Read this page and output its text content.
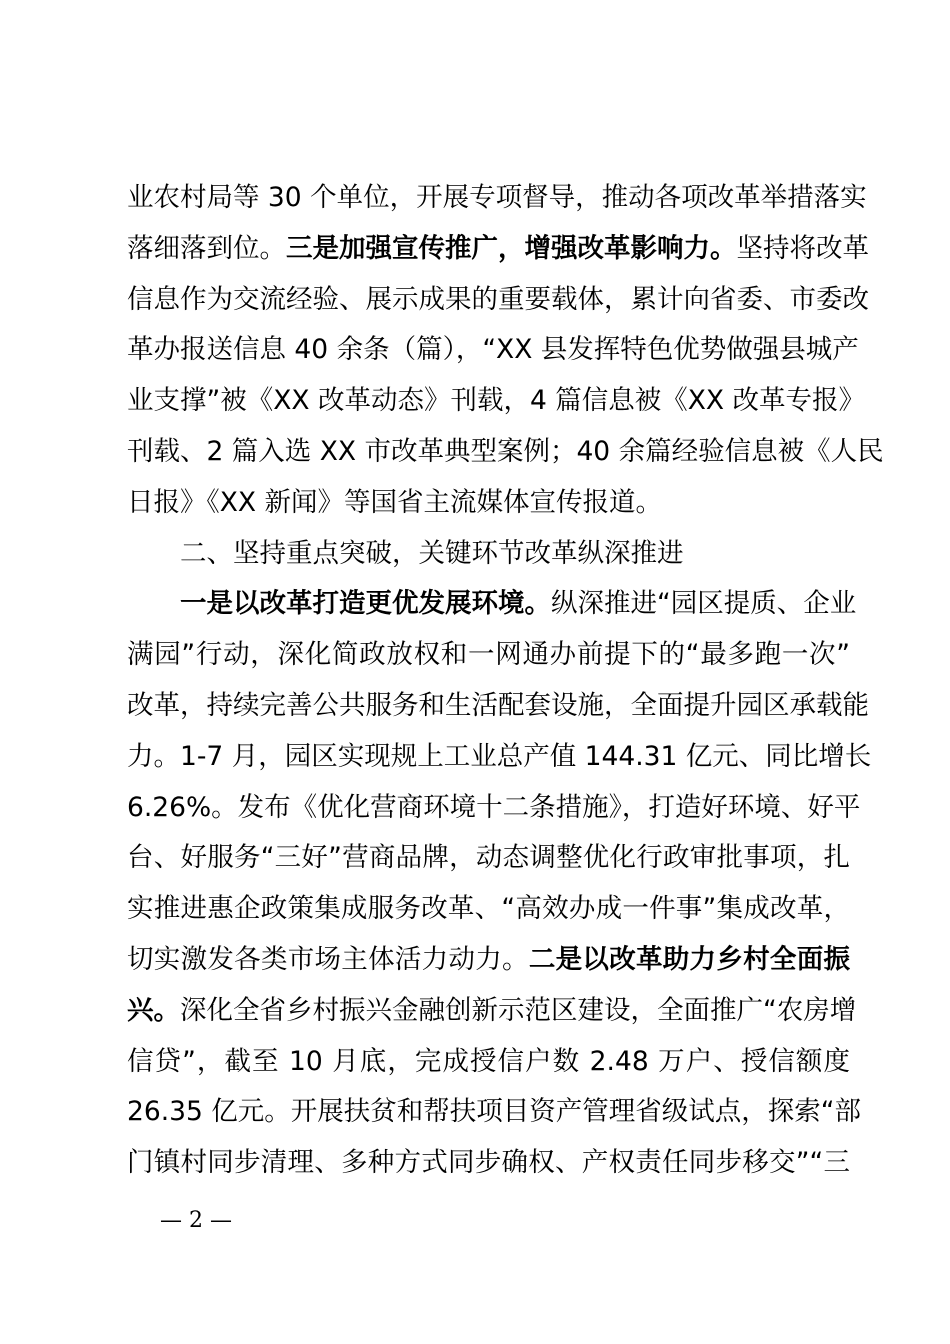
业农村局等 30 个单位，开展专项督导，推动各项改革举措落实
落细落到位。三是加强宣传推广，增强改革影响力。坚持将改革
信息作为交流经验、展示成果的重要载体，累计向省委、市委改
革办报送信息 40 余条（篇），“XX 县发挥特色优势做强县城产
业支撑”被《XX 改革动态》刊载，4 篇信息被《XX 改革专报》
刊载、2 篇入选 XX 市改革典型案例；40 余篇经验信息被《人民
日报》《XX 新闻》等国省主流媒体宣传报道。
二、坚持重点突破，关键环节改革纵深推进
一是以改革打造更优发展环境。纵深推进“园区提质、企业
满园”行动，深化简政放权和一网通办前提下的“最多跑一次”
改革，持续完善公共服务和生活配套设施，全面提升园区承载能
力。1-7 月，园区实现规上工业总产值 144.31 亿元、同比增长
6.26%。发布《优化营商环境十二条措施》，打造好环境、好平
台、好服务“三好”营商品牌，动态调整优化行政审批事项，扎
实推进惠企政策集成服务改革、“高效办成一件事”集成改革，
切实激发各类市场主体活力动力。二是以改革助力乡村全面振
兴。深化全省乡村振兴金融创新示范区建设，全面推广“农房增
信贷”，截至 10 月底，完成授信户数 2.48 万户、授信额度
26.35 亿元。开展扶贫和帮扶项目资产管理省级试点，探索“部
门镇村同步清理、多种方式同步确权、产权责任同步移交”“三
— 2 —
